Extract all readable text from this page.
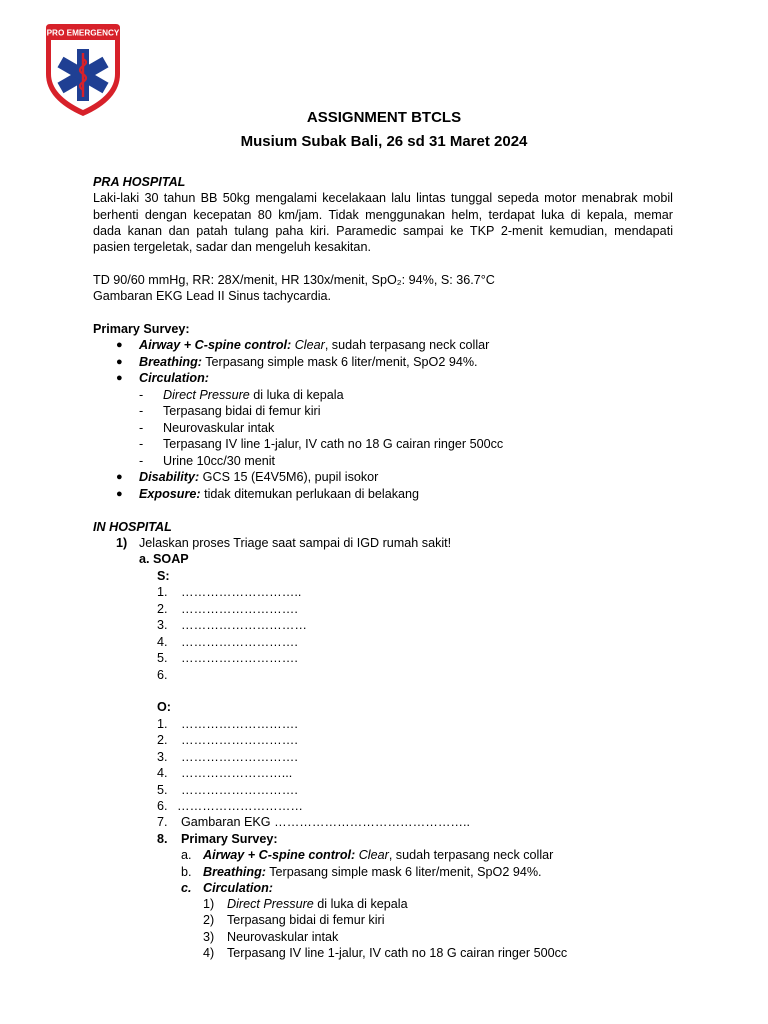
PRO EMERGENCY
ASSIGNMENT BTCLS
Musium Subak Bali, 26 sd 31 Maret 2024
PRA HOSPITAL
Laki-laki 30 tahun BB 50kg mengalami kecelakaan lalu lintas tunggal sepeda motor menabrak mobil
berhenti dengan kecepatan 80 km/jam. Tidak menggunakan helm, terdapat luka di kepala, memar
dada kanan dan patah tulang paha kiri. Paramedic sampai ke TKP 2-menit kemudian, mendapati
pasien tergeletak, sadar dan mengeluh kesakitan.
TD 90/60 mmHg, RR: 28X/menit, HR 130x/menit, SpO₂: 94%, S: 36.7°C
Gambaran EKG Lead II Sinus tachycardia.
Primary Survey:
● Airway + C-spine control: Clear, sudah terpasang neck collar
● Breathing: Terpasang simple mask 6 liter/menit, SpO2 94%.
● Circulation:
- Direct Pressure di luka di kepala
- Terpasang bidai di femur kiri
- Neurovaskular intak
- Terpasang IV line 1-jalur, IV cath no 18 G cairan ringer 500cc
- Urine 10cc/30 menit
● Disability: GCS 15 (E4V5M6), pupil isokor
● Exposure: tidak ditemukan perlukaan di belakang
IN HOSPITAL
1) Jelaskan proses Triage saat sampai di IGD rumah sakit!
a. SOAP
S:
1. ………………………..
2. ……………………….
3. …………………………
4. ……………………….
5. ……………………….
6.
O:
1. ……………………….
2. ……………………….
3. ……………………….
4. ……………………...
5. ……………………….
6. …………………………
7. Gambaran EKG ………………………………………..
8. Primary Survey:
a. Airway + C-spine control: Clear, sudah terpasang neck collar
b. Breathing: Terpasang simple mask 6 liter/menit, SpO2 94%.
c. Circulation:
1) Direct Pressure di luka di kepala
2) Terpasang bidai di femur kiri
3) Neurovaskular intak
4) Terpasang IV line 1-jalur, IV cath no 18 G cairan ringer 500cc
